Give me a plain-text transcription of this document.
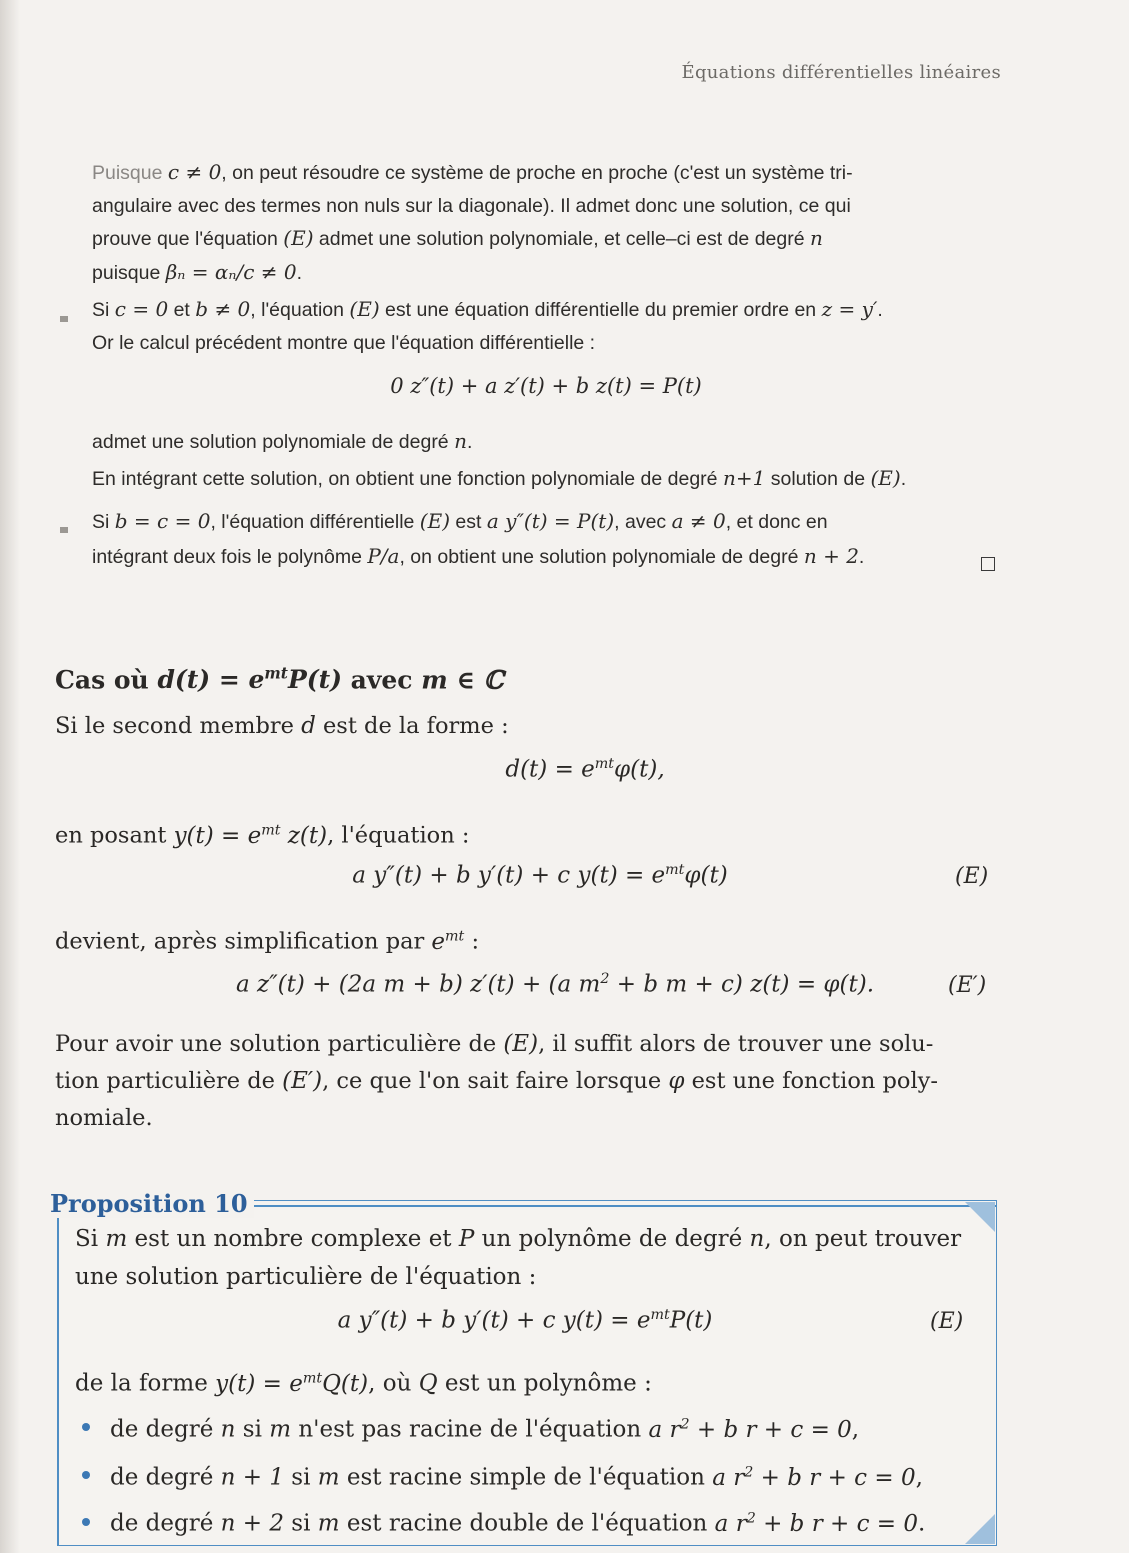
Équations différentielles linéaires

Puisque c ≠ 0, on peut résoudre ce système de proche en proche (c'est un système tri-

angulaire avec des termes non nuls sur la diagonale). Il admet donc une solution, ce qui

prouve que l'équation (E) admet une solution polynomiale, et celle–ci est de degré n

puisque βₙ = αₙ/c ≠ 0.

Si c = 0 et b ≠ 0, l'équation (E) est une équation différentielle du premier ordre en z = y′.

Or le calcul précédent montre que l'équation différentielle :

0 z″(t) + a z′(t) + b z(t) = P(t)

admet une solution polynomiale de degré n.

En intégrant cette solution, on obtient une fonction polynomiale de degré n+1 solution de (E).

Si b = c = 0, l'équation différentielle (E) est a y″(t) = P(t), avec a ≠ 0, et donc en

intégrant deux fois le polynôme P/a, on obtient une solution polynomiale de degré n + 2.

Cas où $d(t) = e^{mt}P(t)$ avec m ∈ ℂ

Si le second membre d est de la forme :

$d(t) = e^{mt}\varphi(t)$,

en posant $y(t) = e^{mt}$ z(t), l'équation :

a y″(t) + b y′(t) + c $y(t) = e^{mt}\varphi(t)$	(E)

devient, après simplification par $e^{mt}$ :

a z″(t) + (2a m + b) z′(t) + (a $m^2 + b$ m + c) z(t) = φ(t).	(E′)

Pour avoir une solution particulière de (E), il suffit alors de trouver une solu-

tion particulière de (E′), ce que l'on sait faire lorsque φ est une fonction poly-

nomiale.

Proposition 10

Si m est un nombre complexe et P un polynôme de degré n, on peut trouver

une solution particulière de l'équation :

a y″(t) + b y′(t) + c $y(t) = e^{mt}P(t)$	(E)

de la forme $y(t) = e^{mt}Q(t)$, où Q est un polynôme :

de degré n si m n'est pas racine de l'équation a $r^2 + b$ r + c = 0,

de degré n + 1 si m est racine simple de l'équation a $r^2 + b$ r + c = 0,

de degré n + 2 si m est racine double de l'équation a $r^2 + b$ r + c = 0.
